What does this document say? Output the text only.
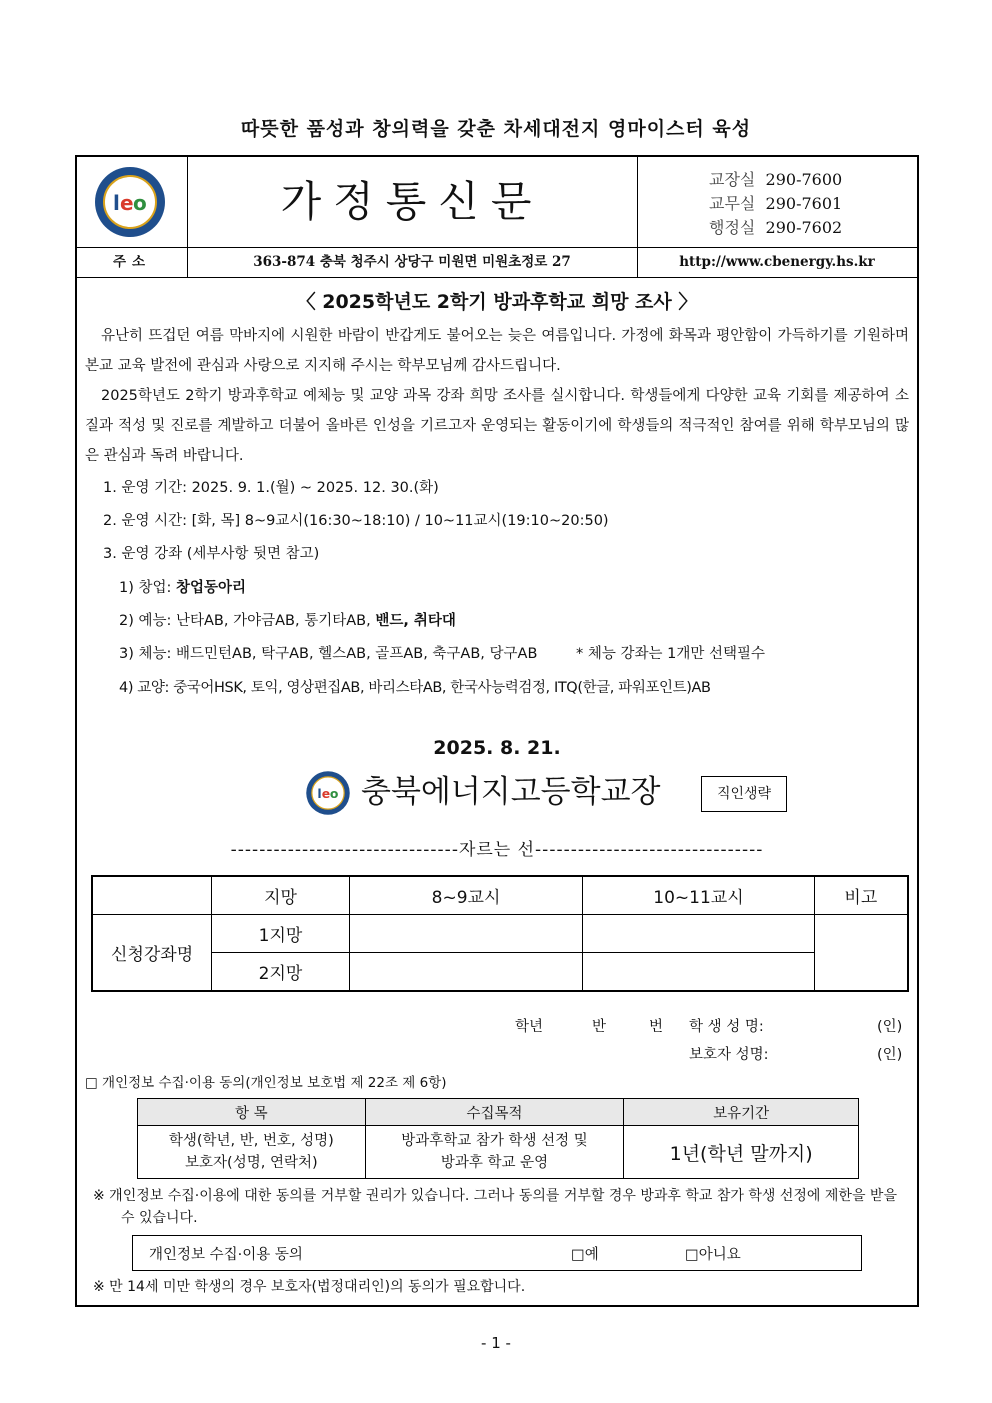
따뜻한 품성과 창의력을 갖춘 차세대전지 영마이스터 육성
l e o	가정통신문	교장실 290-7600
교무실 290-7601
행정실 290-7602
주소	363-874 충북 청주시 상당구 미원면 미원초정로 27	http://www.cbenergy.hs.kr
〈 2025학년도 2학기 방과후학교 희망 조사 〉
유난히 뜨겁던 여름 막바지에 시원한 바람이 반갑게도 불어오는 늦은 여름입니다. 가정에 화목과 평안함이 가득하기를 기원하며 본교 교육 발전에 관심과 사랑으로 지지해 주시는 학부모님께 감사드립니다.
2025학년도 2학기 방과후학교 예체능 및 교양 과목 강좌 희망 조사를 실시합니다. 학생들에게 다양한 교육 기회를 제공하여 소질과 적성 및 진로를 계발하고 더불어 올바른 인성을 기르고자 운영되는 활동이기에 학생들의 적극적인 참여를 위해 학부모님의 많은 관심과 독려 바랍니다.
1. 운영 기간: 2025. 9. 1.(월) ~ 2025. 12. 30.(화)
2. 운영 시간: [화, 목] 8~9교시(16:30~18:10) / 10~11교시(19:10~20:50)
3. 운영 강좌 (세부사항 뒷면 참고)
1) 창업: 창업동아리
2) 예능: 난타AB, 가야금AB, 통기타AB, 밴드, 취타대
3) 체능: 배드민턴AB, 탁구AB, 헬스AB, 골프AB, 축구AB, 당구AB	* 체능 강좌는 1개만 선택필수
4) 교양: 중국어HSK, 토익, 영상편집AB, 바리스타AB, 한국사능력검정, ITQ(한글, 파워포인트)AB
2025. 8. 21.
l e o 충북에너지고등학교장	직인생략
--------------------------------자르는 선--------------------------------
	지망	8~9교시	10~11교시	비고
신청강좌명	1지망			
	2지망			
학년	반	번 학 생 성 명:	(인)
보호자 성명:	(인)
□ 개인정보 수집·이용 동의(개인정보 보호법 제 22조 제 6항)
항 목	수집목적	보유기간
학생(학년, 반, 번호, 성명)
보호자(성명, 연락처)	방과후학교 참가 학생 선정 및
방과후 학교 운영	1년(학년 말까지)
※ 개인정보 수집·이용에 대한 동의를 거부할 권리가 있습니다. 그러나 동의를 거부할 경우 방과후 학교 참가 학생 선정에 제한을 받을 수 있습니다.
개인정보 수집·이용 동의	□예	□아니요
※ 만 14세 미만 학생의 경우 보호자(법정대리인)의 동의가 필요합니다.
- 1 -
